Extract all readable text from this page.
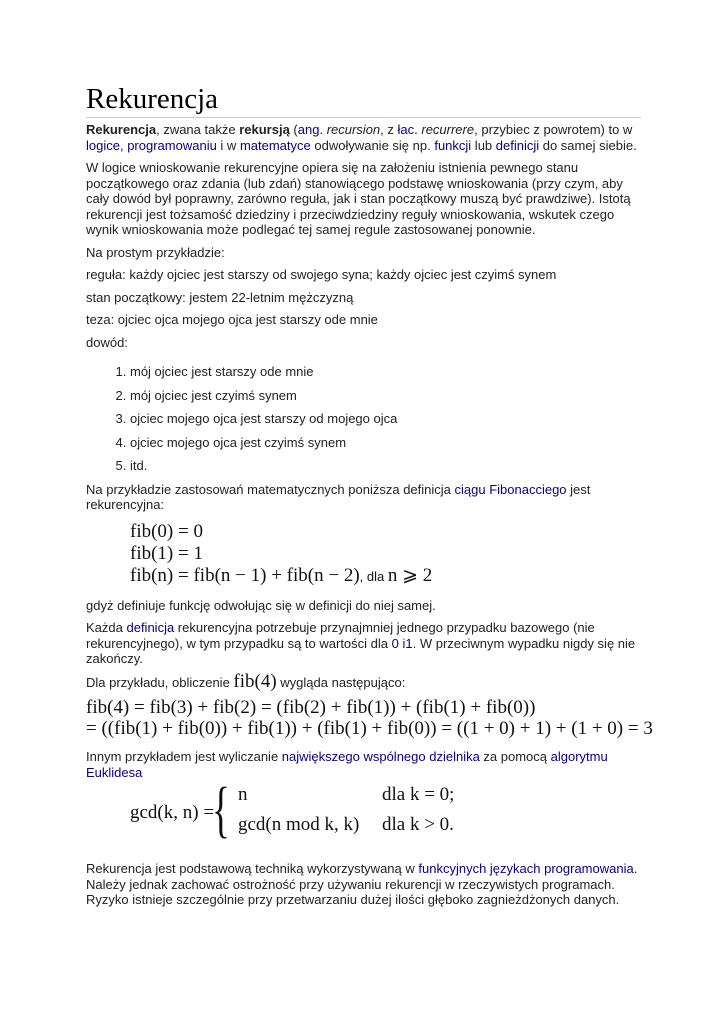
Rekurencja

Rekurencja, zwana także rekursją (ang. recursion, z łac. recurrere, przybiec z powrotem) to w logice, programowaniu i w matematyce odwoływanie się np. funkcji lub definicji do samej siebie.

W logice wnioskowanie rekurencyjne opiera się na założeniu istnienia pewnego stanu początkowego oraz zdania (lub zdań) stanowiącego podstawę wnioskowania (przy czym, aby cały dowód był poprawny, zarówno reguła, jak i stan początkowy muszą być prawdziwe). Istotą rekurencji jest tożsamość dziedziny i przeciwdziedziny reguły wnioskowania, wskutek czego wynik wnioskowania może podlegać tej samej regule zastosowanej ponownie.

Na prostym przykładzie:

reguła: każdy ojciec jest starszy od swojego syna; każdy ojciec jest czyimś synem

stan początkowy: jestem 22-letnim mężczyzną

teza: ojciec ojca mojego ojca jest starszy ode mnie

dowód:

1. mój ojciec jest starszy ode mnie
2. mój ojciec jest czyimś synem
3. ojciec mojego ojca jest starszy od mojego ojca
4. ojciec mojego ojca jest czyimś synem
5. itd.

Na przykładzie zastosowań matematycznych poniższa definicja ciągu Fibonacciego jest rekurencyjna:

fib(0) = 0
fib(1) = 1
fib(n) = fib(n − 1) + fib(n − 2), dla n ⩾ 2

gdyż definiuje funkcję odwołując się w definicji do niej samej.

Każda definicja rekurencyjna potrzebuje przynajmniej jednego przypadku bazowego (nie rekurencyjnego), w tym przypadku są to wartości dla 0 i1. W przeciwnym wypadku nigdy się nie zakończy.

Dla przykładu, obliczenie fib(4) wygląda następująco:

fib(4) = fib(3) + fib(2) = (fib(2) + fib(1)) + (fib(1) + fib(0))
= ((fib(1) + fib(0)) + fib(1)) + (fib(1) + fib(0)) = ((1 + 0) + 1) + (1 + 0) = 3

Innym przykładem jest wyliczanie największego wspólnego dzielnika za pomocą algorytmu Euklidesa

gcd(k, n) =
{ n	dla k = 0;
gcd(n mod k, k) dla k > 0.

Rekurencja jest podstawową techniką wykorzystywaną w funkcyjnych językach programowania. Należy jednak zachować ostrożność przy używaniu rekurencji w rzeczywistych programach. Ryzyko istnieje szczególnie przy przetwarzaniu dużej ilości głęboko zagnieżdżonych danych.
